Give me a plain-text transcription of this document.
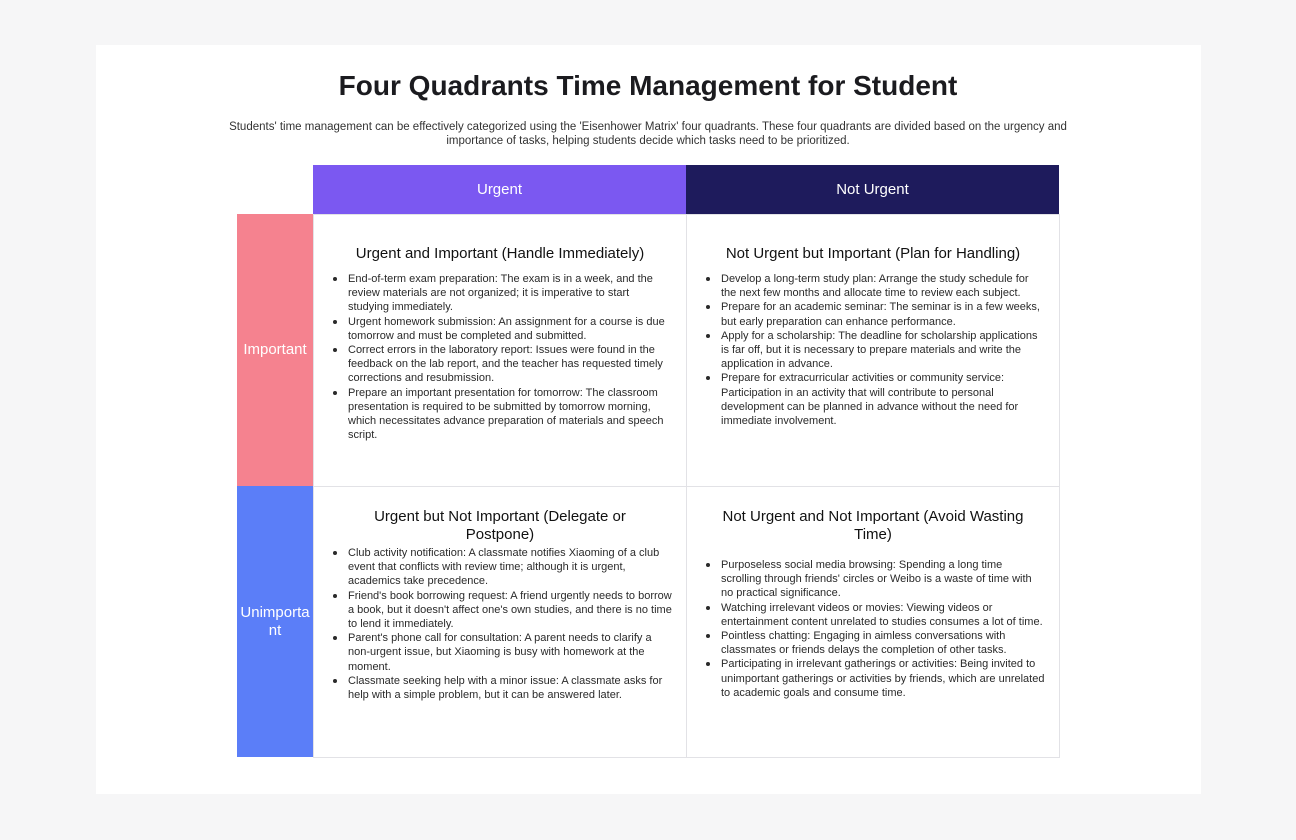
Four Quadrants Time Management for Student
Students' time management can be effectively categorized using the 'Eisenhower Matrix' four quadrants. These four quadrants are divided based on the urgency and importance of tasks, helping students decide which tasks need to be prioritized.
Urgent	Not Urgent
Important
Unimportant
Urgent and Important (Handle Immediately)
End-of-term exam preparation: The exam is in a week, and the review materials are not organized; it is imperative to start studying immediately.
Urgent homework submission: An assignment for a course is due tomorrow and must be completed and submitted.
Correct errors in the laboratory report: Issues were found in the feedback on the lab report, and the teacher has requested timely corrections and resubmission.
Prepare an important presentation for tomorrow: The classroom presentation is required to be submitted by tomorrow morning, which necessitates advance preparation of materials and speech script.
Not Urgent but Important (Plan for Handling)
Develop a long-term study plan: Arrange the study schedule for the next few months and allocate time to review each subject.
Prepare for an academic seminar: The seminar is in a few weeks, but early preparation can enhance performance.
Apply for a scholarship: The deadline for scholarship applications is far off, but it is necessary to prepare materials and write the application in advance.
Prepare for extracurricular activities or community service: Participation in an activity that will contribute to personal development can be planned in advance without the need for immediate involvement.
Urgent but Not Important (Delegate or Postpone)
Club activity notification: A classmate notifies Xiaoming of a club event that conflicts with review time; although it is urgent, academics take precedence.
Friend's book borrowing request: A friend urgently needs to borrow a book, but it doesn't affect one's own studies, and there is no time to lend it immediately.
Parent's phone call for consultation: A parent needs to clarify a non-urgent issue, but Xiaoming is busy with homework at the moment.
Classmate seeking help with a minor issue: A classmate asks for help with a simple problem, but it can be answered later.
Not Urgent and Not Important (Avoid Wasting Time)
Purposeless social media browsing: Spending a long time scrolling through friends' circles or Weibo is a waste of time with no practical significance.
Watching irrelevant videos or movies: Viewing videos or entertainment content unrelated to studies consumes a lot of time.
Pointless chatting: Engaging in aimless conversations with classmates or friends delays the completion of other tasks.
Participating in irrelevant gatherings or activities: Being invited to unimportant gatherings or activities by friends, which are unrelated to academic goals and consume time.
